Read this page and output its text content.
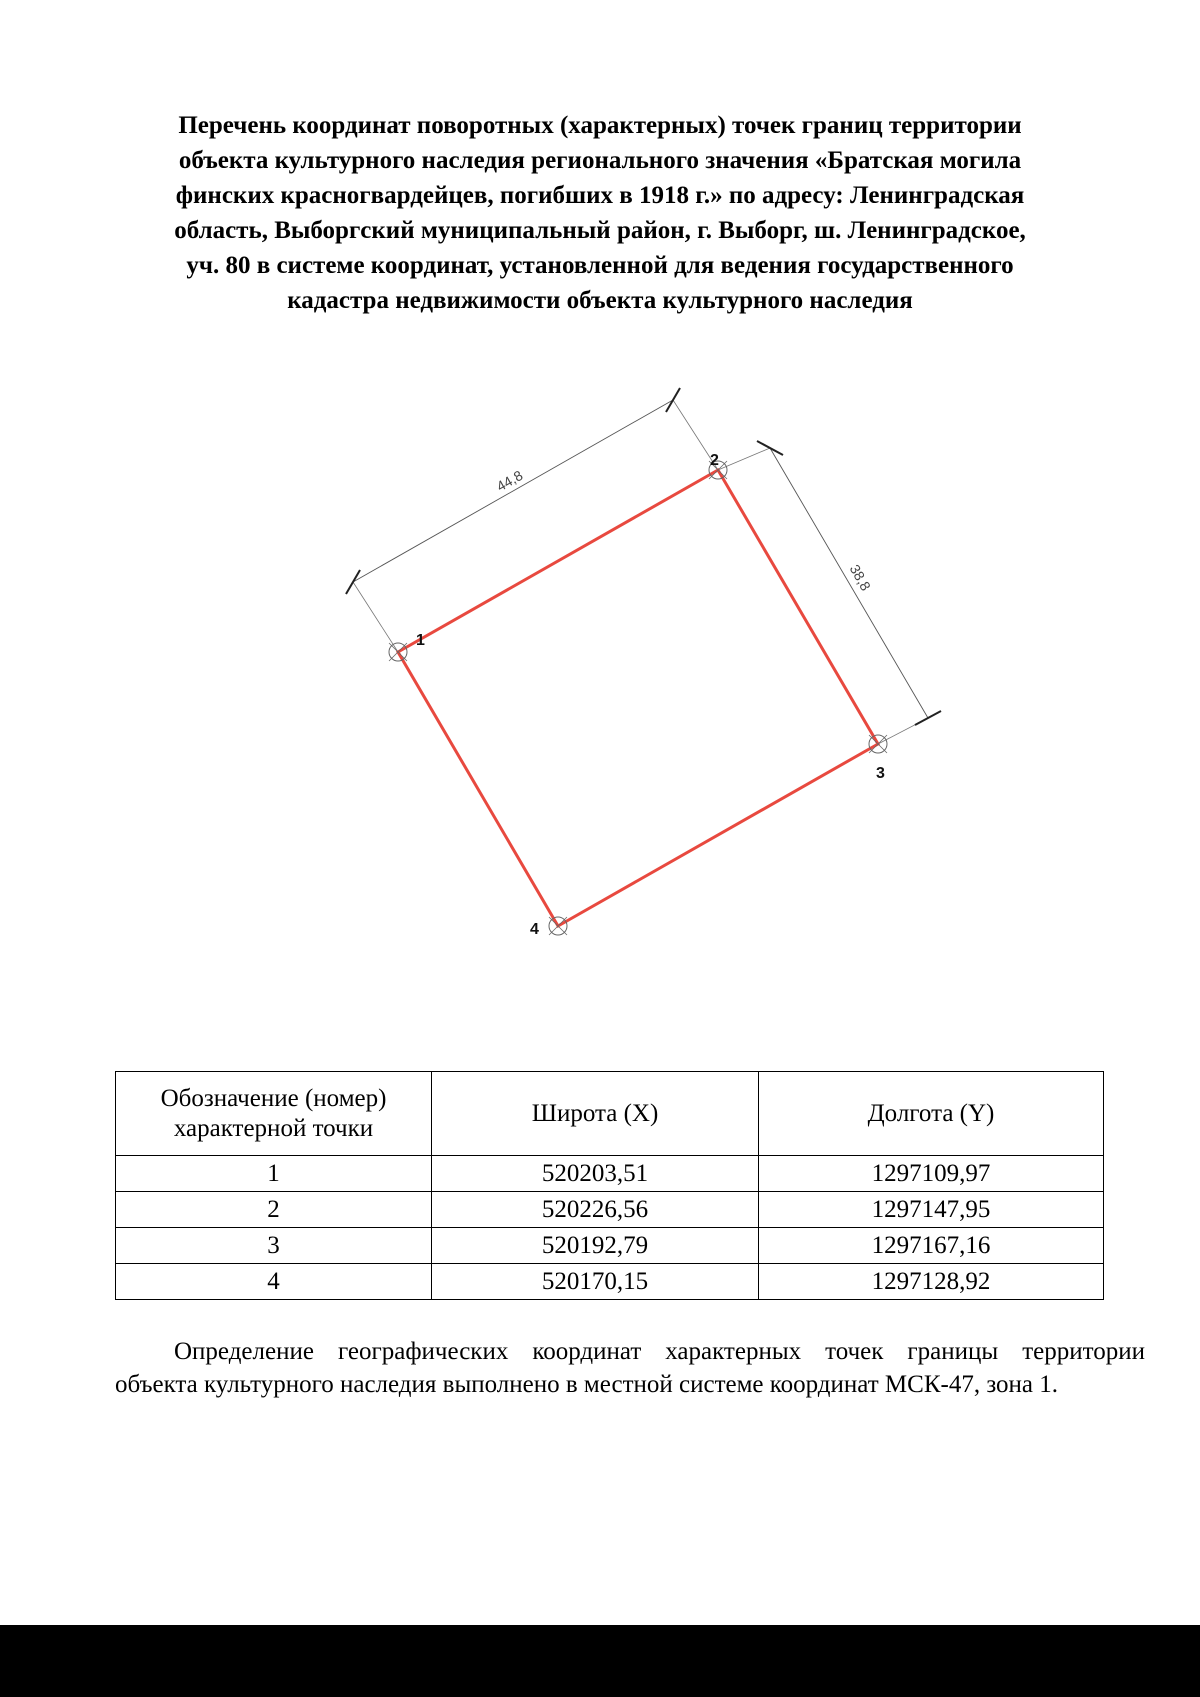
Перечень координат поворотных (характерных) точек границ территории
объекта культурного наследия регионального значения «Братская могила
финских красногвардейцев, погибших в 1918 г.» по адресу: Ленинградская
область, Выборгский муниципальный район, г. Выборг, ш. Ленинградское,
уч. 80 в системе координат, установленной для ведения государственного
кадастра недвижимости объекта культурного наследия
44,8
38,8
1
2
3
4
Обозначение (номер) характерной точки	Широта (X)	Долгота (Y)
1	520203,51	1297109,97
2	520226,56	1297147,95
3	520192,79	1297167,16
4	520170,15	1297128,92
Определение географических координат характерных точек границы территории
объекта культурного наследия выполнено в местной системе координат МСК-47, зона 1.
